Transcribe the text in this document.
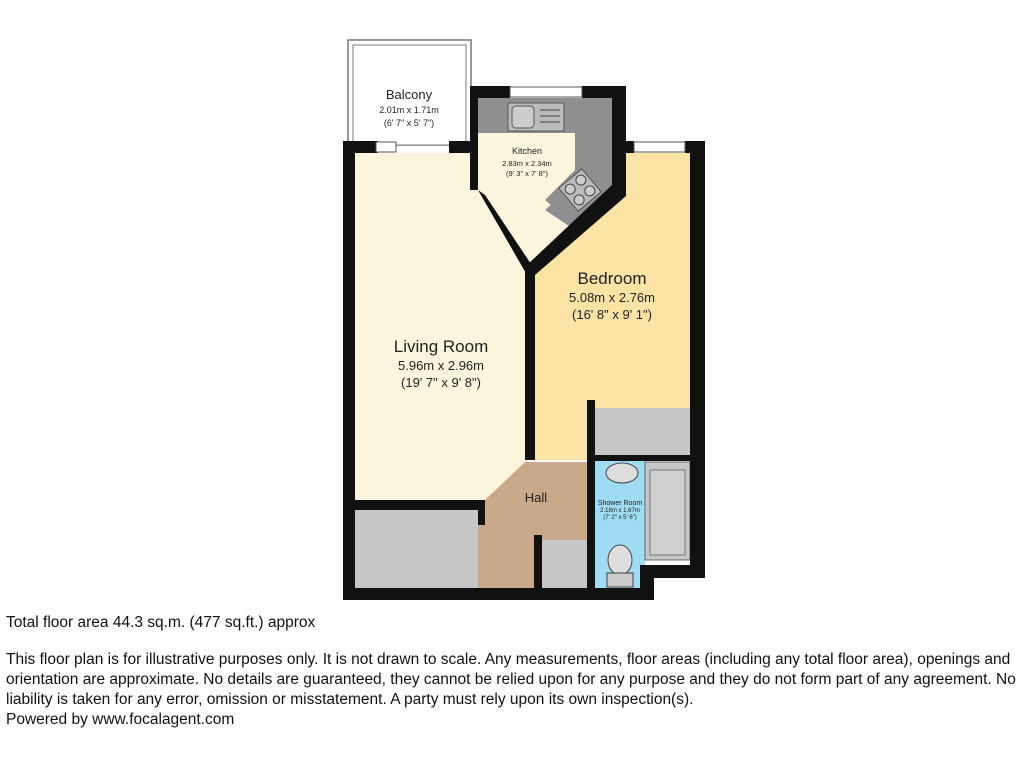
Balcony
2.01m x 1.71m
(6' 7" x 5' 7")
Kitchen
2.83m x 2.34m
(9' 3" x 7' 8")
Bedroom
5.08m x 2.76m
(16' 8" x 9' 1")
Living Room
5.96m x 2.96m
(19' 7" x 9' 8")
Hall	Shower Room
2.18m x 1.67m
(7' 2" x 5' 6")
Total floor area 44.3 sq.m. (477 sq.ft.) approx
This floor plan is for illustrative purposes only. It is not drawn to scale. Any measurements, floor areas (including any total floor area), openings and orientation are approximate. No details are guaranteed, they cannot be relied upon for any purpose and they do not form part of any agreement. No liability is taken for any error, omission or misstatement. A party must rely upon its own inspection(s).
Powered by www.focalagent.com
